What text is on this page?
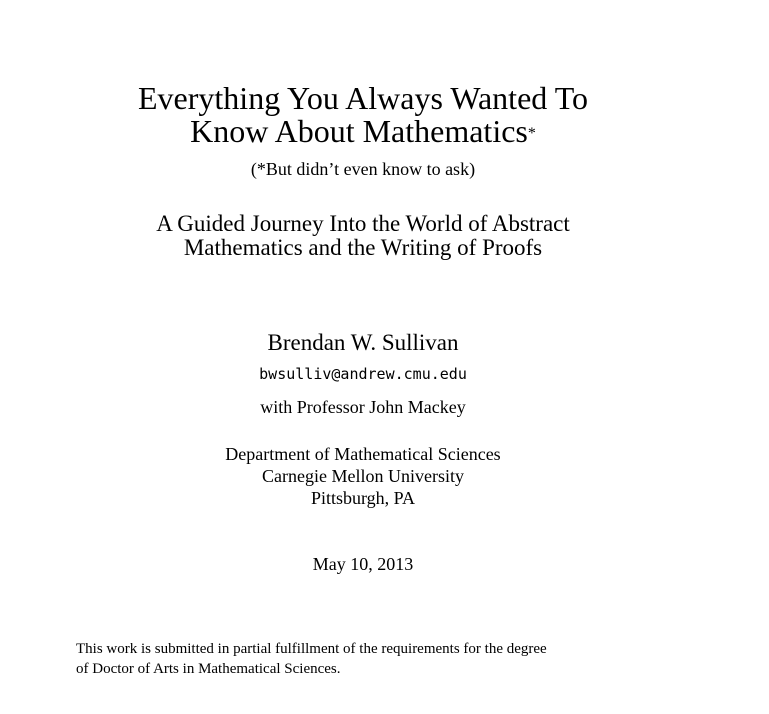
Everything You Always Wanted To
Know About Mathematics*
(*But didn’t even know to ask)
A Guided Journey Into the World of Abstract
Mathematics and the Writing of Proofs
Brendan W. Sullivan
bwsulliv@andrew.cmu.edu
with Professor John Mackey
Department of Mathematical Sciences
Carnegie Mellon University
Pittsburgh, PA
May 10, 2013
This work is submitted in partial fulfillment of the requirements for the degree
of Doctor of Arts in Mathematical Sciences.
